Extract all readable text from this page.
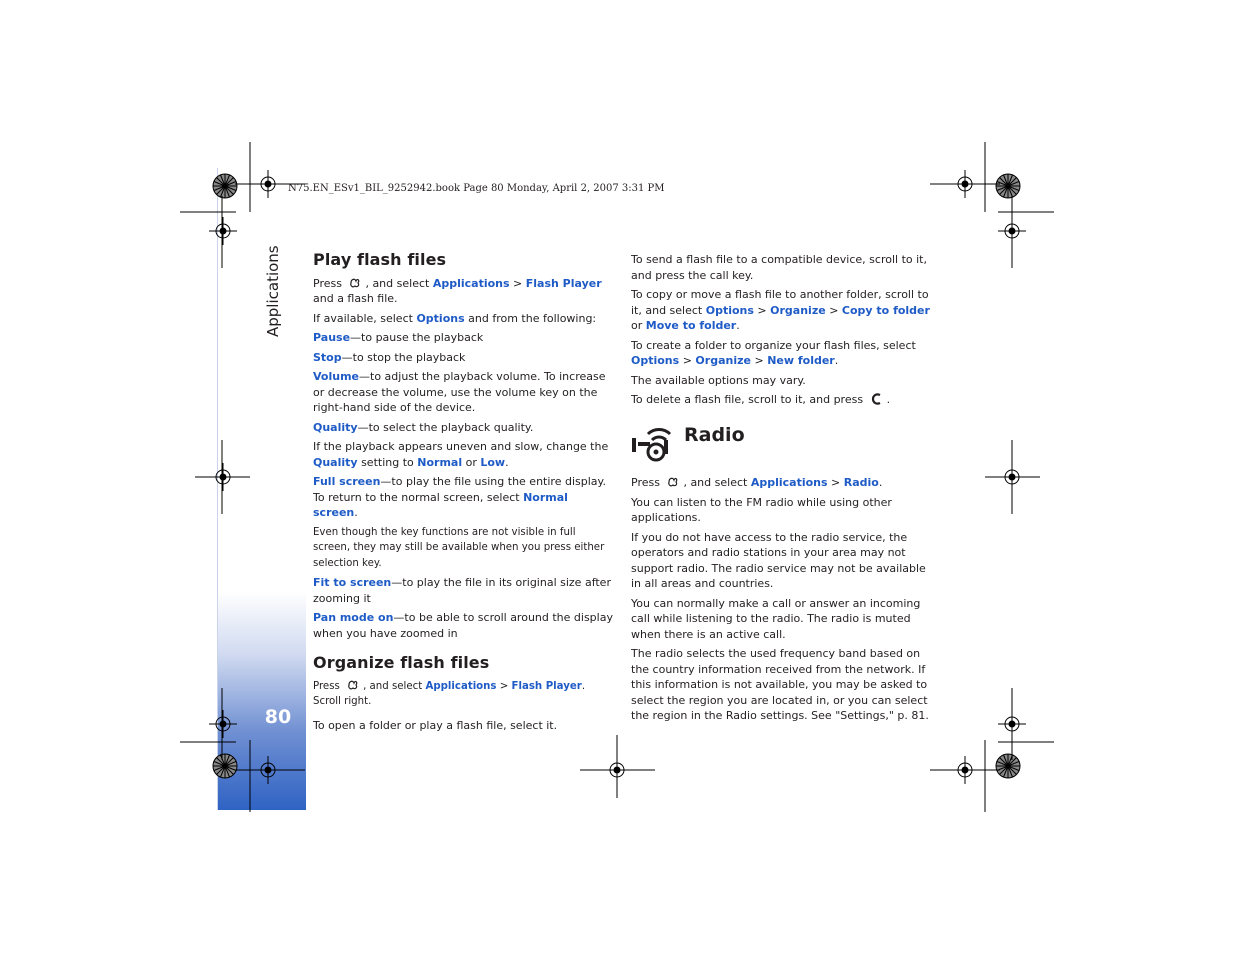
Applications
80
N75.EN_ESv1_BIL_9252942.book Page 80 Monday, April 2, 2007 3:31 PM
Play flash files

Press , and select Applications > Flash Player and a flash file.

If available, select Options and from the following:

Pause—to pause the playback

Stop—to stop the playback

Volume—to adjust the playback volume. To increase or decrease the volume, use the volume key on the right-hand side of the device.

Quality—to select the playback quality.

If the playback appears uneven and slow, change the Quality setting to Normal or Low.

Full screen—to play the file using the entire display. To return to the normal screen, select Normal screen.

Even though the key functions are not visible in full screen, they may still be available when you press either selection key.

Fit to screen—to play the file in its original size after zooming it

Pan mode on—to be able to scroll around the display when you have zoomed in

Organize flash files

Press , and select Applications > Flash Player. Scroll right.

To open a folder or play a flash file, select it.

To send a flash file to a compatible device, scroll to it, and press the call key.

To copy or move a flash file to another folder, scroll to it, and select Options > Organize > Copy to folder or Move to folder.

To create a folder to organize your flash files, select Options > Organize > New folder.

The available options may vary.

To delete a flash file, scroll to it, and press .

Radio

Press , and select Applications > Radio.

You can listen to the FM radio while using other applications.

If you do not have access to the radio service, the operators and radio stations in your area may not support radio. The radio service may not be available in all areas and countries.

You can normally make a call or answer an incoming call while listening to the radio. The radio is muted when there is an active call.

The radio selects the used frequency band based on the country information received from the network. If this information is not available, you may be asked to select the region you are located in, or you can select the region in the Radio settings. See "Settings," p. 81.
